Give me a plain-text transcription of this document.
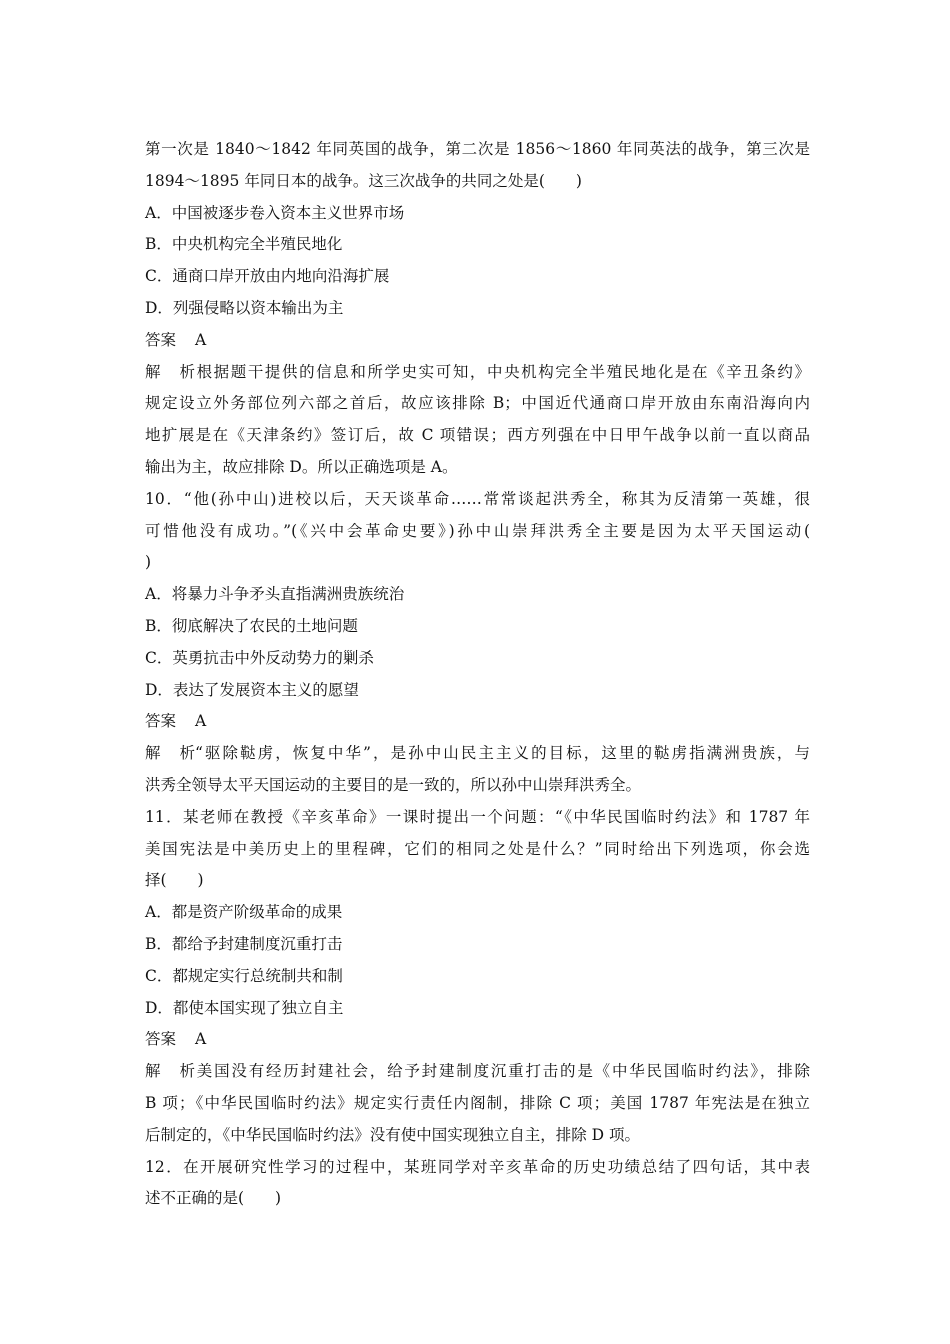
第一次是 1840～1842 年同英国的战争，第二次是 1856～1860 年同英法的战争，第三次是
1894～1895 年同日本的战争。这三次战争的共同之处是(　　)
A．中国被逐步卷入资本主义世界市场
B．中央机构完全半殖民地化
C．通商口岸开放由内地向沿海扩展
D．列强侵略以资本输出为主
答案 A
解析根据题干提供的信息和所学史实可知，中央机构完全半殖民地化是在《辛丑条约》
规定设立外务部位列六部之首后，故应该排除 B；中国近代通商口岸开放由东南沿海向内
地扩展是在《天津条约》签订后，故 C 项错误；西方列强在中日甲午战争以前一直以商品
输出为主，故应排除 D。所以正确选项是 A。
10．“他(孙中山)进校以后，天天谈革命……常常谈起洪秀全，称其为反清第一英雄，很
可惜他没有成功。”(《兴中会革命史要》)孙中山崇拜洪秀全主要是因为太平天国运动(
)
A．将暴力斗争矛头直指满洲贵族统治
B．彻底解决了农民的土地问题
C．英勇抗击中外反动势力的剿杀
D．表达了发展资本主义的愿望
答案 A
解析“驱除鞑虏，恢复中华”，是孙中山民主主义的目标，这里的鞑虏指满洲贵族，与
洪秀全领导太平天国运动的主要目的是一致的，所以孙中山崇拜洪秀全。
11．某老师在教授《辛亥革命》一课时提出一个问题：“《中华民国临时约法》和 1787 年
美国宪法是中美历史上的里程碑，它们的相同之处是什么？”同时给出下列选项，你会选
择(　　)
A．都是资产阶级革命的成果
B．都给予封建制度沉重打击
C．都规定实行总统制共和制
D．都使本国实现了独立自主
答案 A
解析美国没有经历封建社会，给予封建制度沉重打击的是《中华民国临时约法》，排除
B 项；《中华民国临时约法》规定实行责任内阁制，排除 C 项；美国 1787 年宪法是在独立
后制定的，《中华民国临时约法》没有使中国实现独立自主，排除 D 项。
12．在开展研究性学习的过程中，某班同学对辛亥革命的历史功绩总结了四句话，其中表
述不正确的是(　　)
